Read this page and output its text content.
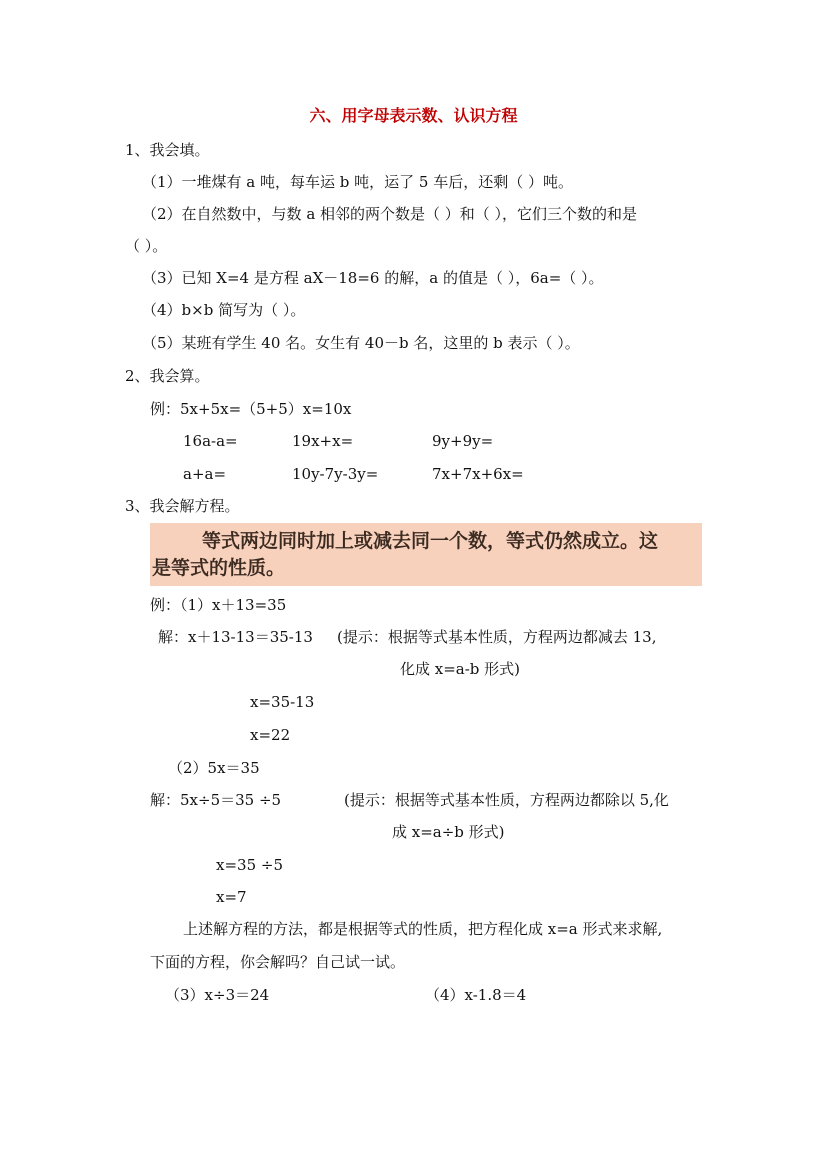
六、用字母表示数、认识方程
1、我会填。
（1）一堆煤有 a 吨，每车运 b 吨，运了 5 车后，还剩（ ）吨。
（2）在自然数中，与数 a 相邻的两个数是（ ）和（ ），它们三个数的和是
（ ）。
（3）已知 X=4 是方程 aX－18=6 的解，a 的值是（ ），6a=（ ）。
（4）b×b 简写为（ ）。
（5）某班有学生 40 名。女生有 40－b 名，这里的 b 表示（ ）。
2、我会算。
例：5x+5x=（5+5）x=10x
16a-a=	19x+x=	9y+9y=
a+a=	10y-7y-3y=	7x+7x+6x=
3、我会解方程。
等式两边同时加上或减去同一个数，等式仍然成立。这
是等式的性质。
例：（1）x＋13=35
解：x＋13-13＝35-13 (提示：根据等式基本性质，方程两边都减去 13,
化成 x=a-b 形式)
x=35-13
x=22
（2）5x＝35
解：5x÷5＝35 ÷5	(提示：根据等式基本性质，方程两边都除以 5,化
成 x=a÷b 形式)
x=35 ÷5
x=7
上述解方程的方法，都是根据等式的性质，把方程化成 x=a 形式来求解,
下面的方程，你会解吗？自己试一试。
（3）x÷3＝24	（4）x-1.8＝4
